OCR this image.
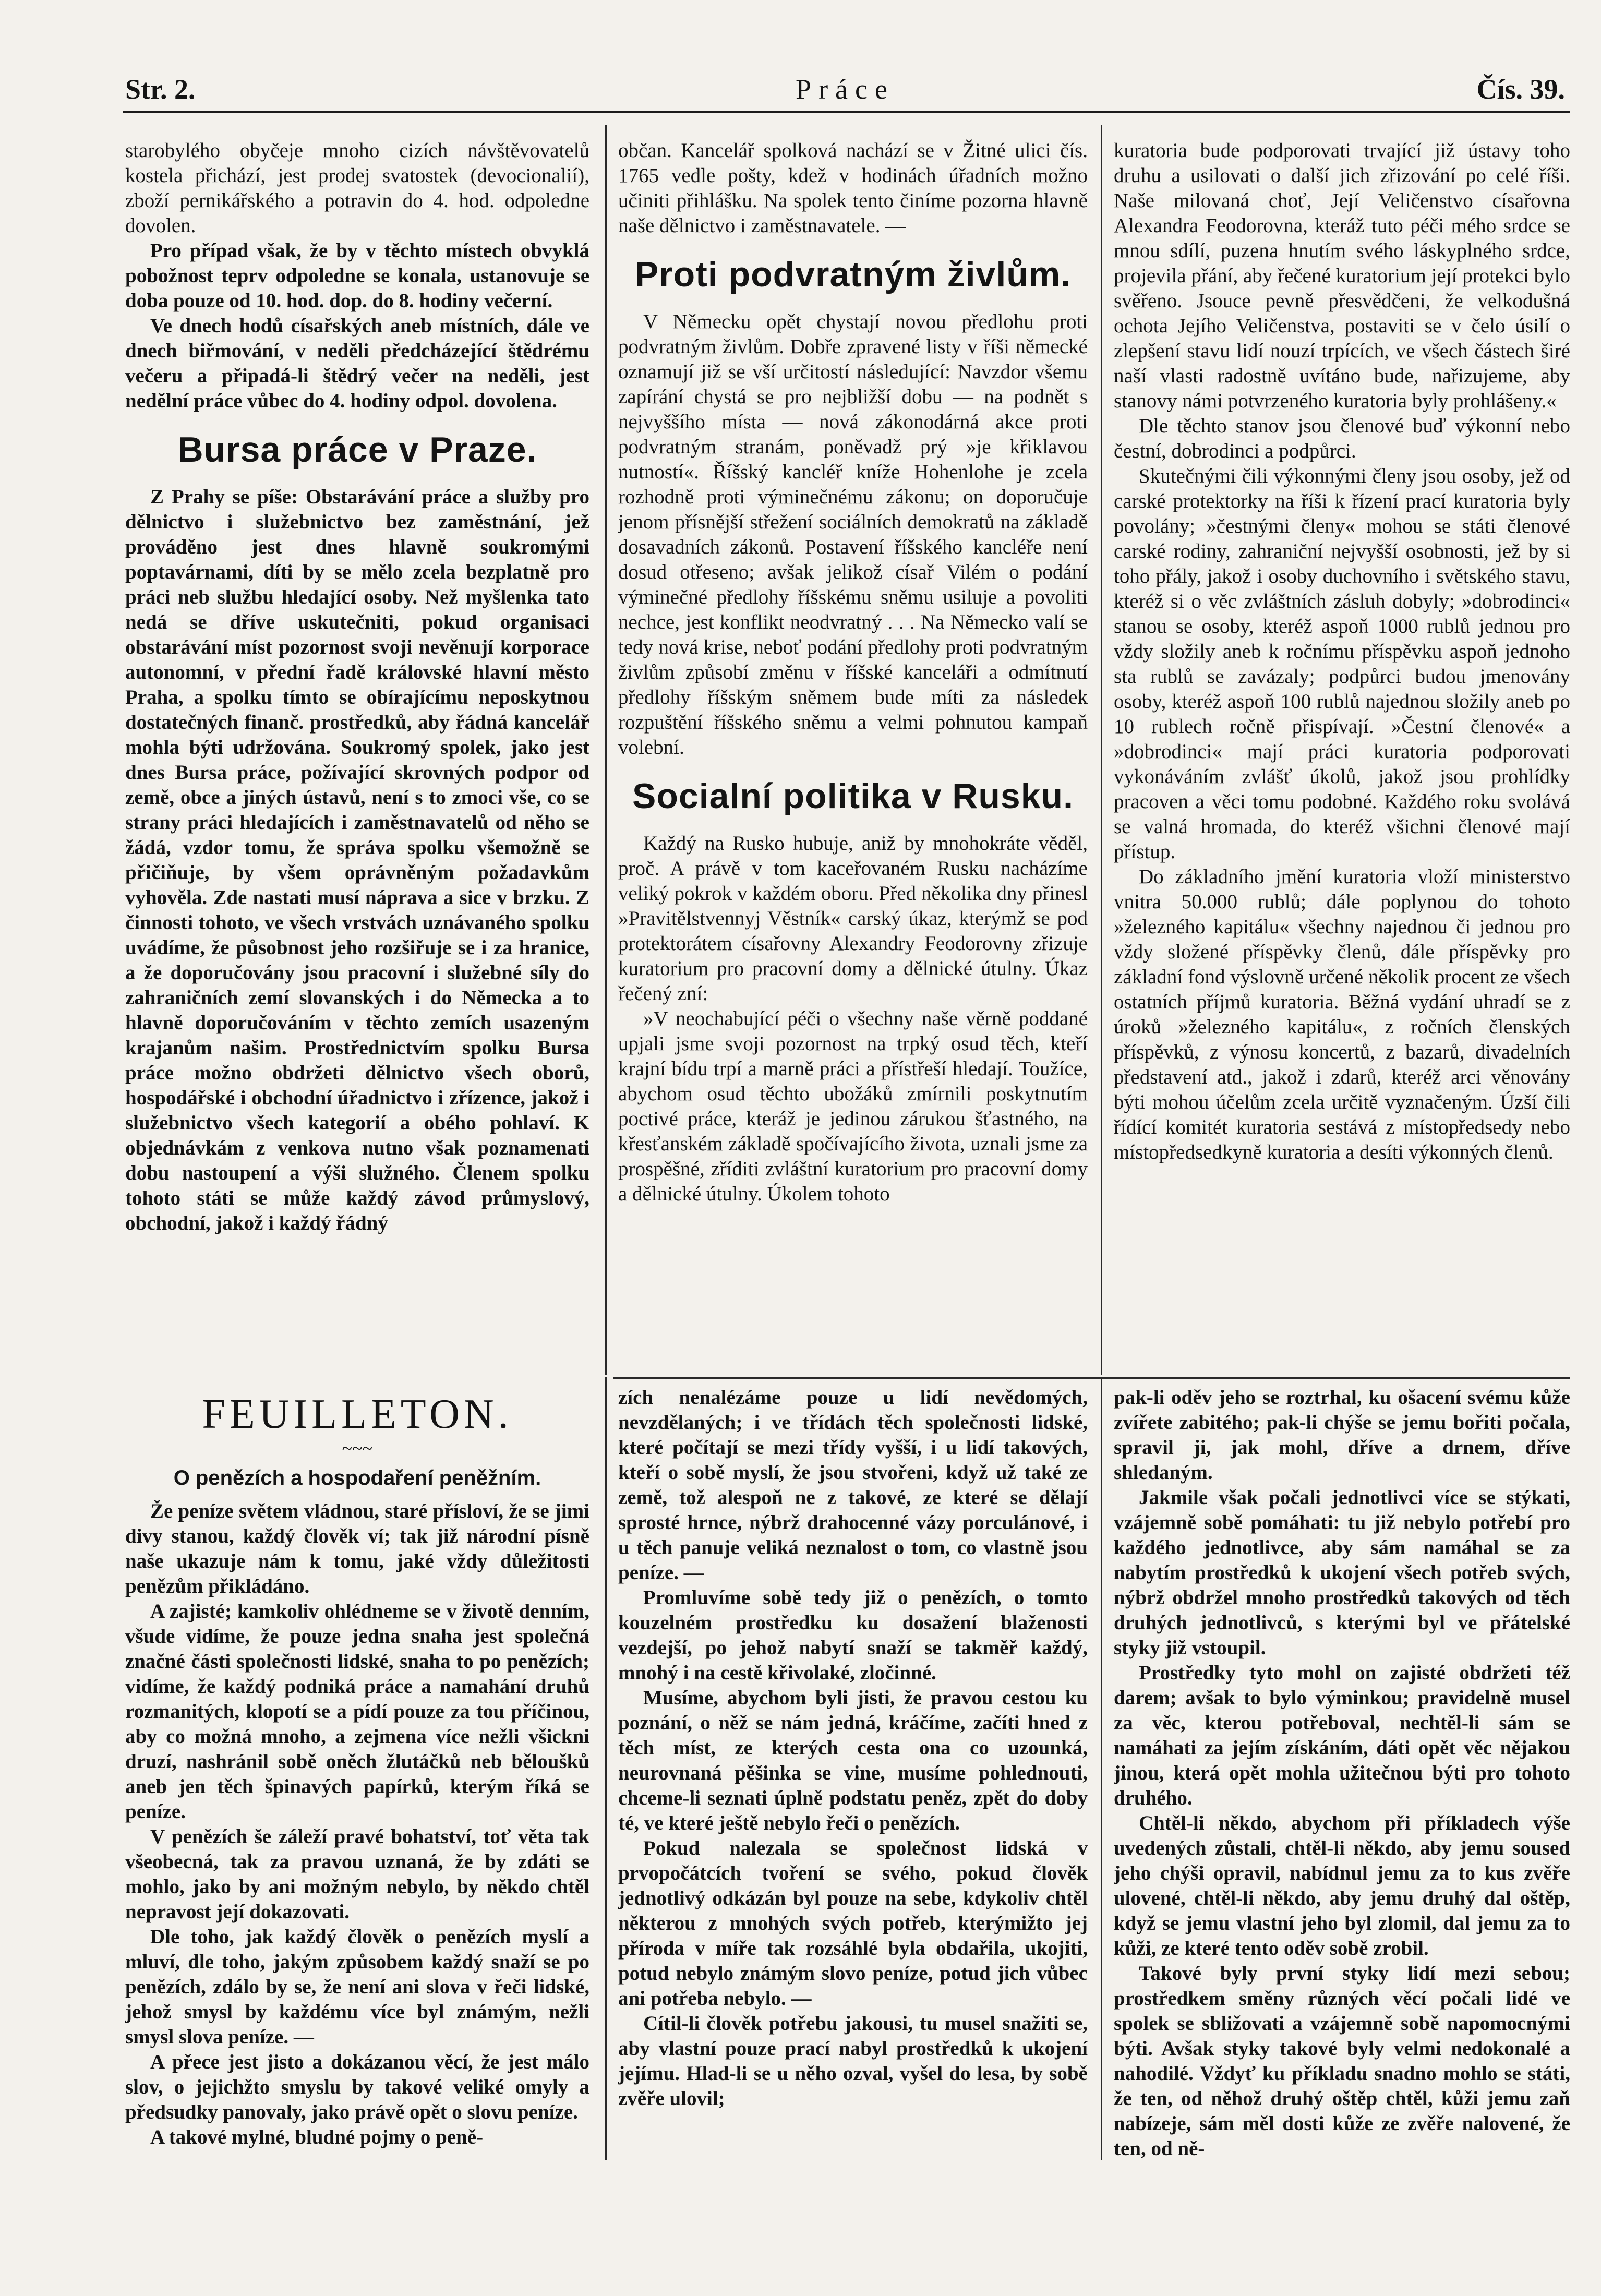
Str. 2.	Práce	Čís. 39.

starobylého obyčeje mnoho cizích návštěvovatelů kostela přichází, jest prodej svatostek (devocionalií), zboží pernikářského a potravin do 4. hod. odpoledne dovolen.

Pro případ však, že by v těchto místech obvyklá pobožnost teprv odpoledne se konala, ustanovuje se doba pouze od 10. hod. dop. do 8. hodiny večerní.

Ve dnech hodů císařských aneb místních, dále ve dnech biřmování, v neděli předcházející štědrému večeru a připadá-li štědrý večer na neděli, jest nedělní práce vůbec do 4. hodiny odpol. dovolena.

Bursa práce v Praze.

Z Prahy se píše: Obstarávání práce a služby pro dělnictvo i služebnictvo bez zaměstnání, jež prováděno jest dnes hlavně soukromými poptavárnami, díti by se mělo zcela bezplatně pro práci neb službu hledající osoby. Než myšlenka tato nedá se dříve uskutečniti, pokud organisaci obstarávání míst pozornost svoji nevěnují korporace autonomní, v přední řadě královské hlavní město Praha, a spolku tímto se obírajícímu neposkytnou dostatečných finanč. prostředků, aby řádná kancelář mohla býti udržována. Soukromý spolek, jako jest dnes Bursa práce, požívající skrovných podpor od země, obce a jiných ústavů, není s to zmoci vše, co se strany práci hledajících i zaměstnavatelů od něho se žádá, vzdor tomu, že správa spolku všemožně se přičiňuje, by všem oprávněným požadavkům vyhověla. Zde nastati musí náprava a sice v brzku. Z činnosti tohoto, ve všech vrstvách uznávaného spolku uvádíme, že působnost jeho rozšiřuje se i za hranice, a že doporučovány jsou pracovní i služebné síly do zahraničních zemí slovanských i do Německa a to hlavně doporučováním v těchto zemích usazeným krajanům našim. Prostřednictvím spolku Bursa práce možno obdržeti dělnictvo všech oborů, hospodářské i obchodní úřadnictvo i zřízence, jakož i služebnictvo všech kategorií a obého pohlaví. K objednávkám z venkova nutno však poznamenati dobu nastoupení a výši služného. Členem spolku tohoto státi se může každý závod průmyslový, obchodní, jakož i každý řádný

občan. Kancelář spolková nachází se v Žitné ulici čís. 1765 vedle pošty, kdež v hodinách úřadních možno učiniti přihlášku. Na spolek tento činíme pozorna hlavně naše dělnictvo i zaměstnavatele. —

Proti podvratným živlům.

V Německu opět chystají novou předlohu proti podvratným živlům. Dobře zpravené listy v říši německé oznamují již se vší určitostí následující: Navzdor všemu zapírání chystá se pro nejbližší dobu — na podnět s nejvyššího místa — nová zákonodárná akce proti podvratným stranám, poněvadž prý »je křiklavou nutností«. Říšský kancléř kníže Hohenlohe je zcela rozhodně proti výminečnému zákonu; on doporučuje jenom přísnější střežení sociálních demokratů na základě dosavadních zákonů. Postavení říšského kancléře není dosud otřeseno; avšak jelikož císař Vilém o podání výminečné předlohy říšskému sněmu usiluje a povoliti nechce, jest konflikt neodvratný . . . Na Německo valí se tedy nová krise, neboť podání předlohy proti podvratným živlům způsobí změnu v říšské kanceláři a odmítnutí předlohy říšským sněmem bude míti za následek rozpuštění říšského sněmu a velmi pohnutou kampaň volební.

Socialní politika v Rusku.

Každý na Rusko hubuje, aniž by mnohokráte věděl, proč. A právě v tom kaceřovaném Rusku nacházíme veliký pokrok v každém oboru. Před několika dny přinesl »Pravitělstvennyj Věstník« carský úkaz, kterýmž se pod protektorátem císařovny Alexandry Feodorovny zřizuje kuratorium pro pracovní domy a dělnické útulny. Úkaz řečený zní:

»V neochabující péči o všechny naše věrně poddané upjali jsme svoji pozornost na trpký osud těch, kteří krajní bídu trpí a marně práci a přístřeší hledají. Toužíce, abychom osud těchto ubožáků zmírnili poskytnutím poctivé práce, kteráž je jedinou zárukou šťastného, na křesťanském základě spočívajícího života, uznali jsme za prospěšné, zříditi zvláštní kuratorium pro pracovní domy a dělnické útulny. Úkolem tohoto

kuratoria bude podporovati trvající již ústavy toho druhu a usilovati o další jich zřizování po celé říši. Naše milovaná choť, Její Veličenstvo císařovna Alexandra Feodorovna, kteráž tuto péči mého srdce se mnou sdílí, puzena hnutím svého láskyplného srdce, projevila přání, aby řečené kuratorium její protekci bylo svěřeno. Jsouce pevně přesvědčeni, že velkodušná ochota Jejího Veličenstva, postaviti se v čelo úsilí o zlepšení stavu lidí nouzí trpících, ve všech částech širé naší vlasti radostně uvítáno bude, nařizujeme, aby stanovy námi potvrzeného kuratoria byly prohlášeny.«

Dle těchto stanov jsou členové buď výkonní nebo čestní, dobrodinci a podpůrci.

Skutečnými čili výkonnými členy jsou osoby, jež od carské protektorky na říši k řízení prací kuratoria byly povolány; »čestnými členy« mohou se státi členové carské rodiny, zahraniční nejvyšší osobnosti, jež by si toho přály, jakož i osoby duchovního i světského stavu, kteréž si o věc zvláštních zásluh dobyly; »dobrodinci« stanou se osoby, kteréž aspoň 1000 rublů jednou pro vždy složily aneb k ročnímu příspěvku aspoň jednoho sta rublů se zavázaly; podpůrci budou jmenovány osoby, kteréž aspoň 100 rublů najednou složily aneb po 10 rublech ročně přispívají. »Čestní členové« a »dobrodinci« mají práci kuratoria podporovati vykonáváním zvlášť úkolů, jakož jsou prohlídky pracoven a věci tomu podobné. Každého roku svolává se valná hromada, do kteréž všichni členové mají přístup.

Do základního jmění kuratoria vloží ministerstvo vnitra 50.000 rublů; dále poplynou do tohoto »železného kapitálu« všechny najednou či jednou pro vždy složené příspěvky členů, dále příspěvky pro základní fond výslovně určené několik procent ze všech ostatních příjmů kuratoria. Běžná vydání uhradí se z úroků »železného kapitálu«, z ročních členských příspěvků, z výnosu koncertů, z bazarů, divadelních představení atd., jakož i zdarů, kteréž arci věnovány býti mohou účelům zcela určitě vyznačeným. Úzší čili řídící komitét kuratoria sestává z místopředsedy nebo místopředsedkyně kuratoria a desíti výkonných členů.

FEUILLETON.
~~~
O penězích a hospodaření peněžním.

Že peníze světem vládnou, staré přísloví, že se jimi divy stanou, každý člověk ví; tak již národní písně naše ukazuje nám k tomu, jaké vždy důležitosti penězům přikládáno.

A zajisté; kamkoliv ohlédneme se v životě denním, všude vidíme, že pouze jedna snaha jest společná značné části společnosti lidské, snaha to po penězích; vidíme, že každý podniká práce a namahání druhů rozmanitých, klopotí se a pídí pouze za tou příčinou, aby co možná mnoho, a zejmena více nežli všickni druzí, nashránil sobě oněch žlutáčků neb běloušků aneb jen těch špinavých papírků, kterým říká se peníze.

V penězích še záleží pravé bohatství, toť věta tak všeobecná, tak za pravou uznaná, že by zdáti se mohlo, jako by ani možným nebylo, by někdo chtěl nepravost její dokazovati.

Dle toho, jak každý člověk o penězích myslí a mluví, dle toho, jakým způsobem každý snaží se po penězích, zdálo by se, že není ani slova v řeči lidské, jehož smysl by každému více byl známým, nežli smysl slova peníze. —

A přece jest jisto a dokázanou věcí, že jest málo slov, o jejichžto smyslu by takové veliké omyly a předsudky panovaly, jako právě opět o slovu peníze.

A takové mylné, bludné pojmy o peně-

zích nenalézáme pouze u lidí nevědomých, nevzdělaných; i ve třídách těch společnosti lidské, které počítají se mezi třídy vyšší, i u lidí takových, kteří o sobě myslí, že jsou stvořeni, když už také ze země, tož alespoň ne z takové, ze které se dělají sprosté hrnce, nýbrž drahocenné vázy porculánové, i u těch panuje veliká neznalost o tom, co vlastně jsou peníze. —

Promluvíme sobě tedy již o penězích, o tomto kouzelném prostředku ku dosažení blaženosti vezdejší, po jehož nabytí snaží se takměř každý, mnohý i na cestě křivolaké, zločinné.

Musíme, abychom byli jisti, že pravou cestou ku poznání, o něž se nám jedná, kráčíme, začíti hned z těch míst, ze kterých cesta ona co uzounká, neurovnaná pěšinka se vine, musíme pohlednouti, chceme-li seznati úplně podstatu peněz, zpět do doby té, ve které ještě nebylo řeči o penězích.

Pokud nalezala se společnost lidská v prvopočátcích tvoření se svého, pokud člověk jednotlivý odkázán byl pouze na sebe, kdykoliv chtěl některou z mnohých svých potřeb, kterýmižto jej příroda v míře tak rozsáhlé byla obdařila, ukojiti, potud nebylo známým slovo peníze, potud jich vůbec ani potřeba nebylo. —

Cítil-li člověk potřebu jakousi, tu musel snažiti se, aby vlastní pouze prací nabyl prostředků k ukojení jejímu. Hlad-li se u něho ozval, vyšel do lesa, by sobě zvěře ulovil;

pak-li oděv jeho se roztrhal, ku ošacení svému kůže zvířete zabitého; pak-li chýše se jemu bořiti počala, spravil ji, jak mohl, dříve a drnem, dříve shledaným.

Jakmile však počali jednotlivci více se stýkati, vzájemně sobě pomáhati: tu již nebylo potřebí pro každého jednotlivce, aby sám namáhal se za nabytím prostředků k ukojení všech potřeb svých, nýbrž obdržel mnoho prostředků takových od těch druhých jednotlivců, s kterými byl ve přátelské styky již vstoupil.

Prostředky tyto mohl on zajisté obdržeti též darem; avšak to bylo výminkou; pravidelně musel za věc, kterou potřeboval, nechtěl-li sám se namáhati za jejím získáním, dáti opět věc nějakou jinou, která opět mohla užitečnou býti pro tohoto druhého.

Chtěl-li někdo, abychom při příkladech výše uvedených zůstali, chtěl-li někdo, aby jemu soused jeho chýši opravil, nabídnul jemu za to kus zvěře ulovené, chtěl-li někdo, aby jemu druhý dal oštěp, když se jemu vlastní jeho byl zlomil, dal jemu za to kůži, ze které tento oděv sobě zrobil.

Takové byly první styky lidí mezi sebou; prostředkem směny různých věcí počali lidé ve spolek se sbližovati a vzájemně sobě napomocnými býti. Avšak styky takové byly velmi nedokonalé a nahodilé. Vždyť ku příkladu snadno mohlo se státi, že ten, od něhož druhý oštěp chtěl, kůži jemu zaň nabízeje, sám měl dosti kůže ze zvěře nalovené, že ten, od ně-
